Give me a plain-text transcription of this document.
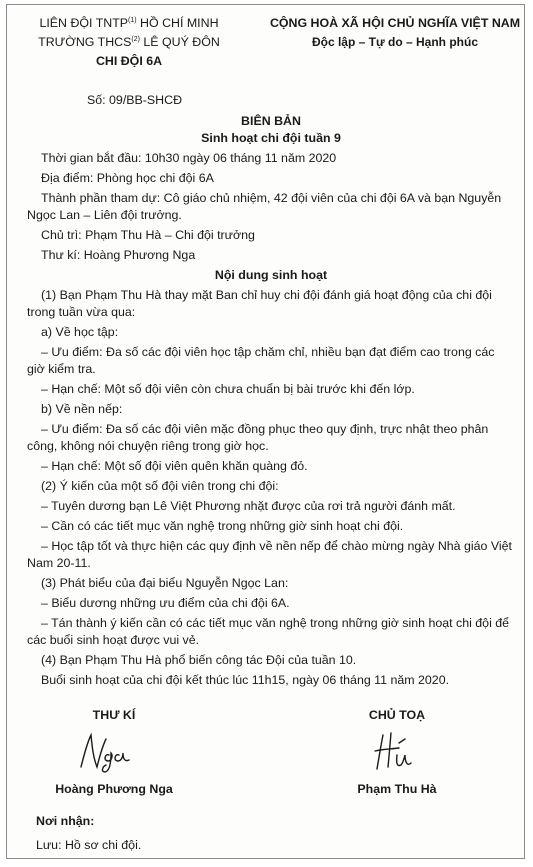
LIÊN ĐỘI TNTP$^{(1)}$ HỒ CHÍ MINH
TRƯỜNG THCS$^{(2)}$ LÊ QUÝ ĐÔN
CHI ĐỘI 6A
CỘNG HOÀ XÃ HỘI CHỦ NGHĨA VIỆT NAM
Độc lập – Tự do – Hạnh phúc
Số: 09/BB-SHCĐ
BIÊN BẢN
Sinh hoạt chi đội tuần 9

Thời gian bắt đầu: 10h30 ngày 06 tháng 11 năm 2020

Địa điểm: Phòng học chi đội 6A

Thành phần tham dự: Cô giáo chủ nhiệm, 42 đội viên của chi đội 6A và bạn Nguyễn Ngọc Lan – Liên đội trưởng.

Chủ trì: Phạm Thu Hà – Chi đội trưởng

Thư kí: Hoàng Phương Nga

Nội dung sinh hoạt

(1) Bạn Phạm Thu Hà thay mặt Ban chỉ huy chi đội đánh giá hoạt động của chi đội trong tuần vừa qua:

a) Về học tập:

– Ưu điểm: Đa số các đội viên học tập chăm chỉ, nhiều bạn đạt điểm cao trong các giờ kiểm tra.

– Hạn chế: Một số đội viên còn chưa chuẩn bị bài trước khi đến lớp.

b) Về nền nếp:

– Ưu điểm: Đa số các đội viên mặc đồng phục theo quy định, trực nhật theo phân công, không nói chuyện riêng trong giờ học.

– Hạn chế: Một số đội viên quên khăn quàng đỏ.

(2) Ý kiến của một số đội viên trong chi đội:

– Tuyên dương bạn Lê Việt Phương nhặt được của rơi trả người đánh mất.

– Cần có các tiết mục văn nghệ trong những giờ sinh hoạt chi đội.

– Học tập tốt và thực hiện các quy định về nền nếp để chào mừng ngày Nhà giáo Việt Nam 20-11.

(3) Phát biểu của đại biểu Nguyễn Ngọc Lan:

– Biểu dương những ưu điểm của chi đội 6A.

– Tán thành ý kiến cần có các tiết mục văn nghệ trong những giờ sinh hoạt chi đội để các buổi sinh hoạt được vui vẻ.

(4) Bạn Phạm Thu Hà phổ biến công tác Đội của tuần 10.

Buổi sinh hoạt của chi đội kết thúc lúc 11h15, ngày 06 tháng 11 năm 2020.

THƯ KÍ
Hoàng Phương Nga
CHỦ TOẠ
Phạm Thu Hà
Nơi nhận:
Lưu: Hồ sơ chi đội.
